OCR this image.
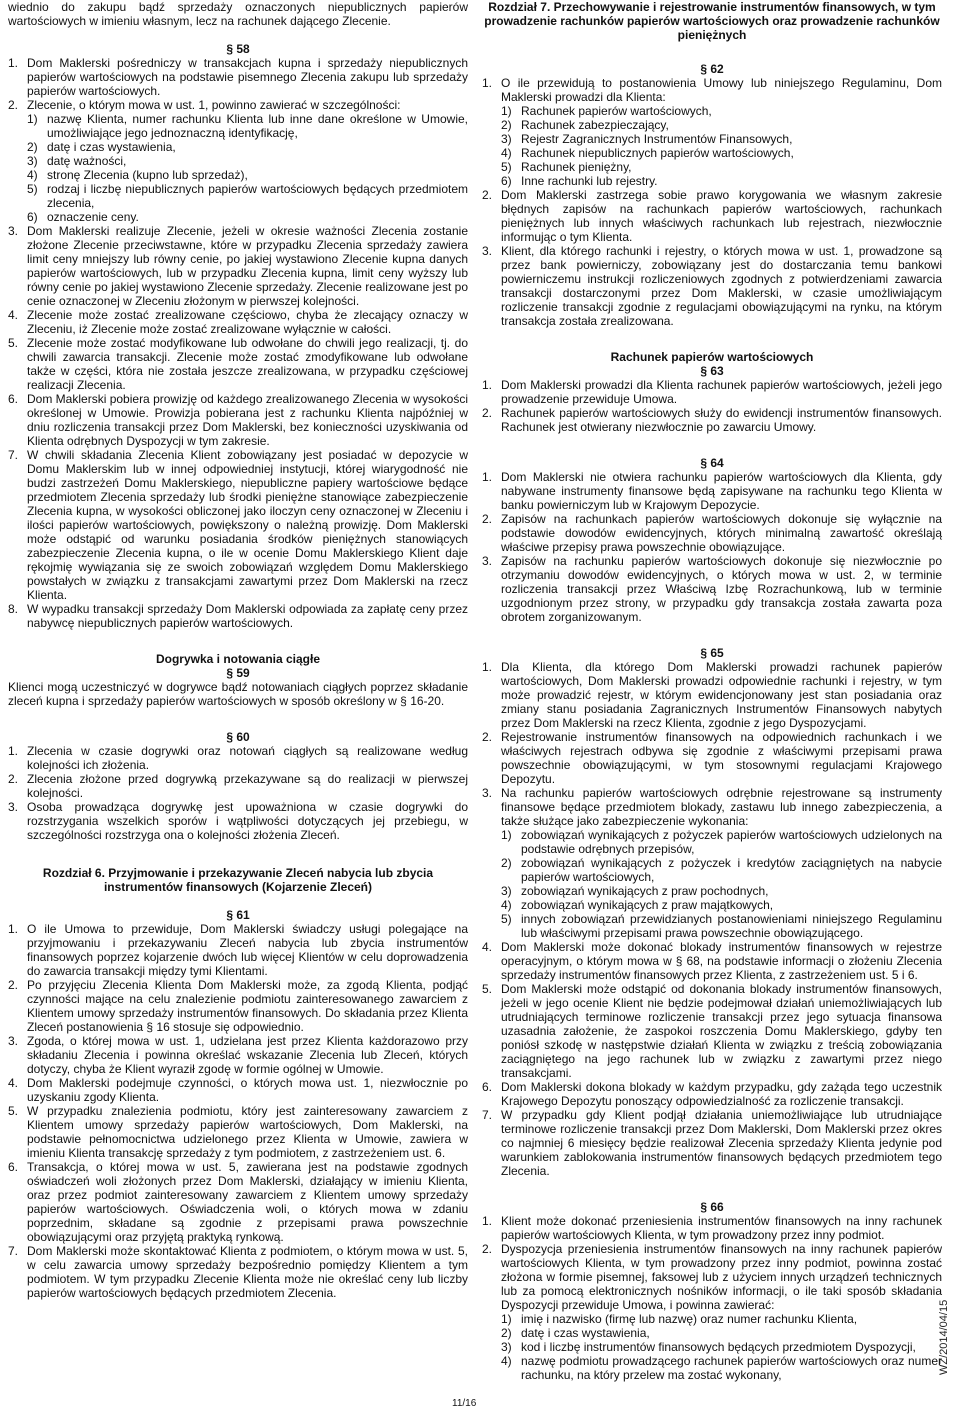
wiednio do zakupu bądź sprzedaży oznaczonych niepublicznych papierów wartościowych w imieniu własnym, lecz na rachunek dającego Zlecenie.

§ 58

1. Dom Maklerski pośredniczy w transakcjach kupna i sprzedaży niepublicznych papierów wartościowych na podstawie pisemnego Zlecenia zakupu lub sprzedaży papierów wartościowych.
2. Zlecenie, o którym mowa w ust. 1, powinno zawierać w szczególności:
1) nazwę Klienta, numer rachunku Klienta lub inne dane określone w Umowie, umożliwiające jego jednoznaczną identyfikację,
2) datę i czas wystawienia,
3) datę ważności,
4) stronę Zlecenia (kupno lub sprzedaż),
5) rodzaj i liczbę niepublicznych papierów wartościowych będących przedmiotem zlecenia,
6) oznaczenie ceny.
3. Dom Maklerski realizuje Zlecenie, jeżeli w okresie ważności Zlecenia zostanie złożone Zlecenie przeciwstawne, które w przypadku Zlecenia sprzedaży zawiera limit ceny mniejszy lub równy cenie, po jakiej wystawiono Zlecenie kupna danych papierów wartościowych, lub w przypadku Zlecenia kupna, limit ceny wyższy lub równy cenie po jakiej wystawiono Zlecenie sprzedaży. Zlecenie realizowane jest po cenie oznaczonej w Zleceniu złożonym w pierwszej kolejności.
4. Zlecenie może zostać zrealizowane częściowo, chyba że zlecający oznaczy w Zleceniu, iż Zlecenie może zostać zrealizowane wyłącznie w całości.
5. Zlecenie może zostać modyfikowane lub odwołane do chwili jego realizacji, tj. do chwili zawarcia transakcji. Zlecenie może zostać zmodyfikowane lub odwołane także w części, która nie została jeszcze zrealizowana, w przypadku częściowej realizacji Zlecenia.
6. Dom Maklerski pobiera prowizję od każdego zrealizowanego Zlecenia w wysokości określonej w Umowie. Prowizja pobierana jest z rachunku Klienta najpóźniej w dniu rozliczenia transakcji przez Dom Maklerski, bez konieczności uzyskiwania od Klienta odrębnych Dyspozycji w tym zakresie.
7. W chwili składania Zlecenia Klient zobowiązany jest posiadać w depozycie w Domu Maklerskim lub w innej odpowiedniej instytucji, której wiarygodność nie budzi zastrzeżeń Domu Maklerskiego, niepubliczne papiery wartościowe będące przedmiotem Zlecenia sprzedaży lub środki pieniężne stanowiące zabezpieczenie Zlecenia kupna, w wysokości obliczonej jako iloczyn ceny oznaczonej w Zleceniu i ilości papierów wartościowych, powiększony o należną prowizję. Dom Maklerski może odstąpić od warunku posiadania środków pieniężnych stanowiących zabezpieczenie Zlecenia kupna, o ile w ocenie Domu Maklerskiego Klient daje rękojmię wywiązania się ze swoich zobowiązań względem Domu Maklerskiego powstałych w związku z transakcjami zawartymi przez Dom Maklerski na rzecz Klienta.
8. W wypadku transakcji sprzedaży Dom Maklerski odpowiada za zapłatę ceny przez nabywcę niepublicznych papierów wartościowych.

Dogrywka i notowania ciągłe

§ 59

Klienci mogą uczestniczyć w dogrywce bądź notowaniach ciągłych poprzez składanie zleceń kupna i sprzedaży papierów wartościowych w sposób określony w § 16-20.

§ 60

1. Zlecenia w czasie dogrywki oraz notowań ciągłych są realizowane według kolejności ich złożenia.
2. Zlecenia złożone przed dogrywką przekazywane są do realizacji w pierwszej kolejności.
3. Osoba prowadząca dogrywkę jest upoważniona w czasie dogrywki do rozstrzygania wszelkich sporów i wątpliwości dotyczących jej przebiegu, w szczególności rozstrzyga ona o kolejności złożenia Zleceń.

Rozdział 6. Przyjmowanie i przekazywanie Zleceń nabycia lub zbycia instrumentów finansowych (Kojarzenie Zleceń)

§ 61

1. O ile Umowa to przewiduje, Dom Maklerski świadczy usługi polegające na przyjmowaniu i przekazywaniu Zleceń nabycia lub zbycia instrumentów finansowych poprzez kojarzenie dwóch lub więcej Klientów w celu doprowadzenia do zawarcia transakcji między tymi Klientami.
2. Po przyjęciu Zlecenia Klienta Dom Maklerski może, za zgodą Klienta, podjąć czynności mające na celu znalezienie podmiotu zainteresowanego zawarciem z Klientem umowy sprzedaży instrumentów finansowych. Do składania przez Klienta Zleceń postanowienia § 16 stosuje się odpowiednio.
3. Zgoda, o której mowa w ust. 1, udzielana jest przez Klienta każdorazowo przy składaniu Zlecenia i powinna określać wskazanie Zlecenia lub Zleceń, których dotyczy, chyba że Klient wyraził zgodę w formie ogólnej w Umowie.
4. Dom Maklerski podejmuje czynności, o których mowa ust. 1, niezwłocznie po uzyskaniu zgody Klienta.
5. W przypadku znalezienia podmiotu, który jest zainteresowany zawarciem z Klientem umowy sprzedaży papierów wartościowych, Dom Maklerski, na podstawie pełnomocnictwa udzielonego przez Klienta w Umowie, zawiera w imieniu Klienta transakcję sprzedaży z tym podmiotem, z zastrzeżeniem ust. 6.
6. Transakcja, o której mowa w ust. 5, zawierana jest na podstawie zgodnych oświadczeń woli złożonych przez Dom Maklerski, działający w imieniu Klienta, oraz przez podmiot zainteresowany zawarciem z Klientem umowy sprzedaży papierów wartościowych. Oświadczenia woli, o których mowa w zdaniu poprzednim, składane są zgodnie z przepisami prawa powszechnie obowiązującymi oraz przyjętą praktyką rynkową.
7. Dom Maklerski może skontaktować Klienta z podmiotem, o którym mowa w ust. 5, w celu zawarcia umowy sprzedaży bezpośrednio pomiędzy Klientem a tym podmiotem. W tym przypadku Zlecenie Klienta może nie określać ceny lub liczby papierów wartościowych będących przedmiotem Zlecenia.

Rozdział 7. Przechowywanie i rejestrowanie instrumentów finansowych, w tym prowadzenie rachunków papierów wartościowych oraz prowadzenie rachunków pieniężnych

§ 62

1. O ile przewidują to postanowienia Umowy lub niniejszego Regulaminu, Dom Maklerski prowadzi dla Klienta:
1) Rachunek papierów wartościowych,
2) Rachunek zabezpieczający,
3) Rejestr Zagranicznych Instrumentów Finansowych,
4) Rachunek niepublicznych papierów wartościowych,
5) Rachunek pieniężny,
6) Inne rachunki lub rejestry.
2. Dom Maklerski zastrzega sobie prawo korygowania we własnym zakresie błędnych zapisów na rachunkach papierów wartościowych, rachunkach pieniężnych lub innych właściwych rachunkach lub rejestrach, niezwłocznie informując o tym Klienta.
3. Klient, dla którego rachunki i rejestry, o których mowa w ust. 1, prowadzone są przez bank powierniczy, zobowiązany jest do dostarczania temu bankowi powierniczemu instrukcji rozliczeniowych zgodnych z potwierdzeniami zawarcia transakcji dostarczonymi przez Dom Maklerski, w czasie umożliwiającym rozliczenie transakcji zgodnie z regulacjami obowiązującymi na rynku, na którym transakcja została zrealizowana.

Rachunek papierów wartościowych

§ 63

1. Dom Maklerski prowadzi dla Klienta rachunek papierów wartościowych, jeżeli jego prowadzenie przewiduje Umowa.
2. Rachunek papierów wartościowych służy do ewidencji instrumentów finansowych. Rachunek jest otwierany niezwłocznie po zawarciu Umowy.

§ 64

1. Dom Maklerski nie otwiera rachunku papierów wartościowych dla Klienta, gdy nabywane instrumenty finansowe będą zapisywane na rachunku tego Klienta w banku powierniczym lub w Krajowym Depozycie.
2. Zapisów na rachunkach papierów wartościowych dokonuje się wyłącznie na podstawie dowodów ewidencyjnych, których minimalną zawartość określają właściwe przepisy prawa powszechnie obowiązujące.
3. Zapisów na rachunku papierów wartościowych dokonuje się niezwłocznie po otrzymaniu dowodów ewidencyjnych, o których mowa w ust. 2, w terminie rozliczenia transakcji przez Właściwą Izbę Rozrachunkową, lub w terminie uzgodnionym przez strony, w przypadku gdy transakcja została zawarta poza obrotem zorganizowanym.

§ 65

1. Dla Klienta, dla którego Dom Maklerski prowadzi rachunek papierów wartościowych, Dom Maklerski prowadzi odpowiednie rachunki i rejestry, w tym może prowadzić rejestr, w którym ewidencjonowany jest stan posiadania oraz zmiany stanu posiadania Zagranicznych Instrumentów Finansowych nabytych przez Dom Maklerski na rzecz Klienta, zgodnie z jego Dyspozycjami.
2. Rejestrowanie instrumentów finansowych na odpowiednich rachunkach i we właściwych rejestrach odbywa się zgodnie z właściwymi przepisami prawa powszechnie obowiązującymi, w tym stosownymi regulacjami Krajowego Depozytu.
3. Na rachunku papierów wartościowych odrębnie rejestrowane są instrumenty finansowe będące przedmiotem blokady, zastawu lub innego zabezpieczenia, a także służące jako zabezpieczenie wykonania:
1) zobowiązań wynikających z pożyczek papierów wartościowych udzielonych na podstawie odrębnych przepisów,
2) zobowiązań wynikających z pożyczek i kredytów zaciągniętych na nabycie papierów wartościowych,
3) zobowiązań wynikających z praw pochodnych,
4) zobowiązań wynikających z praw majątkowych,
5) innych zobowiązań przewidzianych postanowieniami niniejszego Regulaminu lub właściwymi przepisami prawa powszechnie obowiązującego.
4. Dom Maklerski może dokonać blokady instrumentów finansowych w rejestrze operacyjnym, o którym mowa w § 68, na podstawie informacji o złożeniu Zlecenia sprzedaży instrumentów finansowych przez Klienta, z zastrzeżeniem ust. 5 i 6.
5. Dom Maklerski może odstąpić od dokonania blokady instrumentów finansowych, jeżeli w jego ocenie Klient nie będzie podejmował działań uniemożliwiających lub utrudniających terminowe rozliczenie transakcji przez jego sytuacja finansowa uzasadnia założenie, że zaspokoi roszczenia Domu Maklerskiego, gdyby ten poniósł szkodę w następstwie działań Klienta w związku z treścią zobowiązania zaciągniętego na jego rachunek lub w związku z zawartymi przez niego transakcjami.
6. Dom Maklerski dokona blokady w każdym przypadku, gdy zażąda tego uczestnik Krajowego Depozytu ponoszący odpowiedzialność za rozliczenie transakcji.
7. W przypadku gdy Klient podjął działania uniemożliwiające lub utrudniające terminowe rozliczenie transakcji przez Dom Maklerski, Dom Maklerski przez okres co najmniej 6 miesięcy będzie realizował Zlecenia sprzedaży Klienta jedynie pod warunkiem zablokowania instrumentów finansowych będących przedmiotem tego Zlecenia.

§ 66

1. Klient może dokonać przeniesienia instrumentów finansowych na inny rachunek papierów wartościowych Klienta, w tym prowadzony przez inny podmiot.
2. Dyspozycja przeniesienia instrumentów finansowych na inny rachunek papierów wartościowych Klienta, w tym prowadzony przez inny podmiot, powinna zostać złożona w formie pisemnej, faksowej lub z użyciem innych urządzeń technicznych lub za pomocą elektronicznych nośników informacji, o ile taki sposób składania Dyspozycji przewiduje Umowa, i powinna zawierać:
1) imię i nazwisko (firmę lub nazwę) oraz numer rachunku Klienta,
2) datę i czas wystawienia,
3) kod i liczbę instrumentów finansowych będących przedmiotem Dyspozycji,
4) nazwę podmiotu prowadzącego rachunek papierów wartościowych oraz numer rachunku, na który przelew ma zostać wykonany,
11/16
WZ/2014/04/15
